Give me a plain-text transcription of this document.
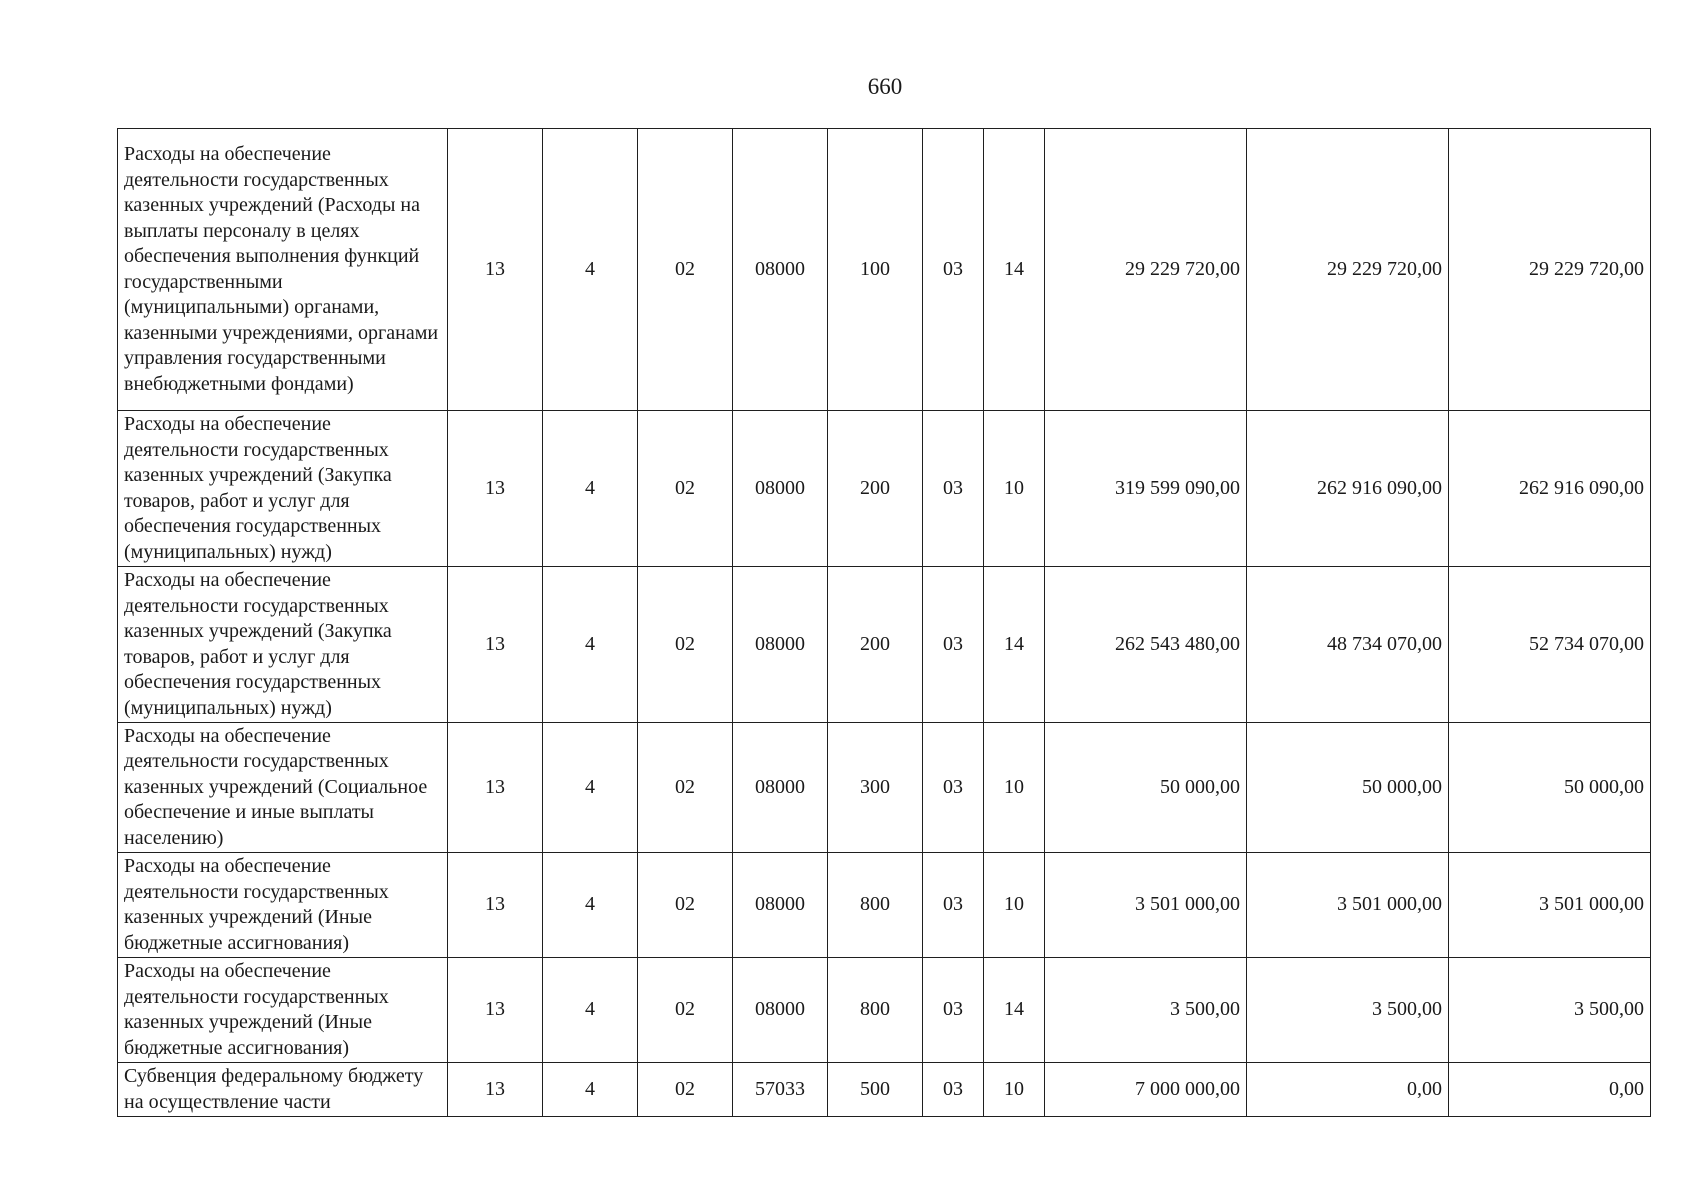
660
Расходы на обеспечение деятельности государственных казенных учреждений (Расходы на выплаты персоналу в целях обеспечения выполнения функций государственными (муниципальными) органами, казенными учреждениями, органами управления государственными внебюджетными фондами)	13	4	02	08000	100	03	14	29 229 720,00	29 229 720,00	29 229 720,00
Расходы на обеспечение деятельности государственных казенных учреждений (Закупка товаров, работ и услуг для обеспечения государственных (муниципальных) нужд)	13	4	02	08000	200	03	10	319 599 090,00	262 916 090,00	262 916 090,00
Расходы на обеспечение деятельности государственных казенных учреждений (Закупка товаров, работ и услуг для обеспечения государственных (муниципальных) нужд)	13	4	02	08000	200	03	14	262 543 480,00	48 734 070,00	52 734 070,00
Расходы на обеспечение деятельности государственных казенных учреждений (Социальное обеспечение и иные выплаты населению)	13	4	02	08000	300	03	10	50 000,00	50 000,00	50 000,00
Расходы на обеспечение деятельности государственных казенных учреждений (Иные бюджетные ассигнования)	13	4	02	08000	800	03	10	3 501 000,00	3 501 000,00	3 501 000,00
Расходы на обеспечение деятельности государственных казенных учреждений (Иные бюджетные ассигнования)	13	4	02	08000	800	03	14	3 500,00	3 500,00	3 500,00
Субвенция федеральному бюджету на осуществление части	13	4	02	57033	500	03	10	7 000 000,00	0,00	0,00
